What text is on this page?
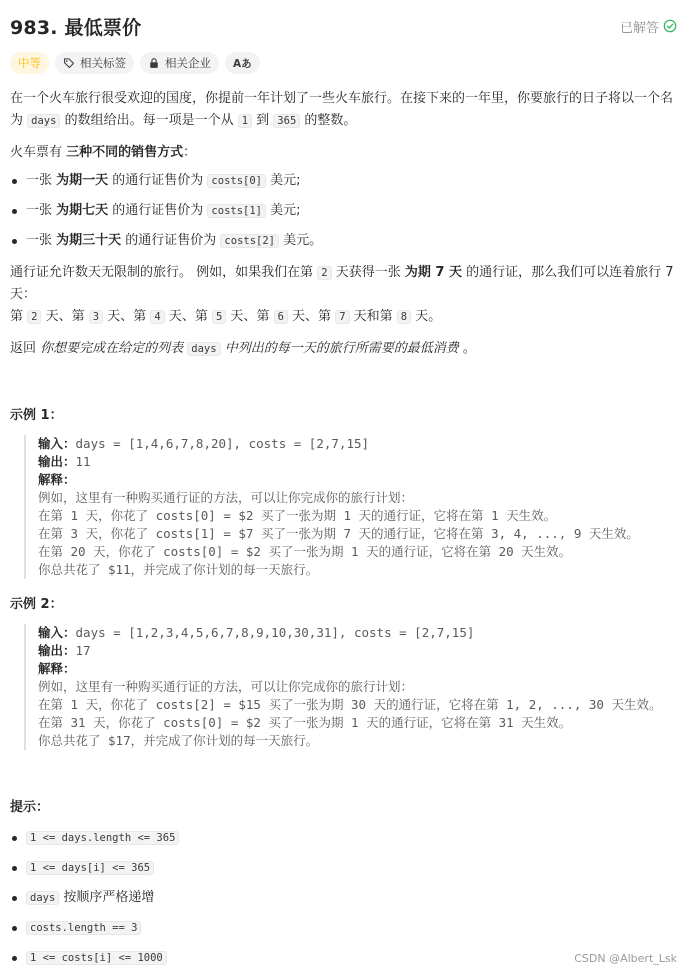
983. 最低票价	已解答
中等	相关标签	相关企业 Aあ

在一个火车旅行很受欢迎的国度，你提前一年计划了一些火车旅行。在接下来的一年里，你要旅行的日子将以一个名
为 days 的数组给出。每一项是一个从 1 到 365 的整数。

火车票有 三种不同的销售方式：

一张 为期一天 的通行证售价为 costs[0] 美元;
一张 为期七天 的通行证售价为 costs[1] 美元;
一张 为期三十天 的通行证售价为 costs[2] 美元。

通行证允许数天无限制的旅行。 例如，如果我们在第 2 天获得一张 为期 7 天 的通行证，那么我们可以连着旅行 7 天：
第 2 天、第 3 天、第 4 天、第 5 天、第 6 天、第 7 天和第 8 天。

返回 你想要完成在给定的列表 days 中列出的每一天的旅行所需要的最低消费 。

示例 1：
输入：days = [1,4,6,7,8,20], costs = [2,7,15]
输出：11
解释：
例如，这里有一种购买通行证的方法，可以让你完成你的旅行计划：
在第 1 天，你花了 costs[0] = $2 买了一张为期 1 天的通行证，它将在第 1 天生效。
在第 3 天，你花了 costs[1] = $7 买了一张为期 7 天的通行证，它将在第 3, 4, ..., 9 天生效。
在第 20 天，你花了 costs[0] = $2 买了一张为期 1 天的通行证，它将在第 20 天生效。
你总共花了 $11，并完成了你计划的每一天旅行。
示例 2：
输入：days = [1,2,3,4,5,6,7,8,9,10,30,31], costs = [2,7,15]
输出：17
解释：
例如，这里有一种购买通行证的方法，可以让你完成你的旅行计划：
在第 1 天，你花了 costs[2] = $15 买了一张为期 30 天的通行证，它将在第 1, 2, ..., 30 天生效。
在第 31 天，你花了 costs[0] = $2 买了一张为期 1 天的通行证，它将在第 31 天生效。
你总共花了 $17，并完成了你计划的每一天旅行。
提示：
1 <= days.length <= 365
1 <= days[i] <= 365
days 按顺序严格递增
costs.length == 3
1 <= costs[i] <= 1000	CSDN @Albert_Lsk
